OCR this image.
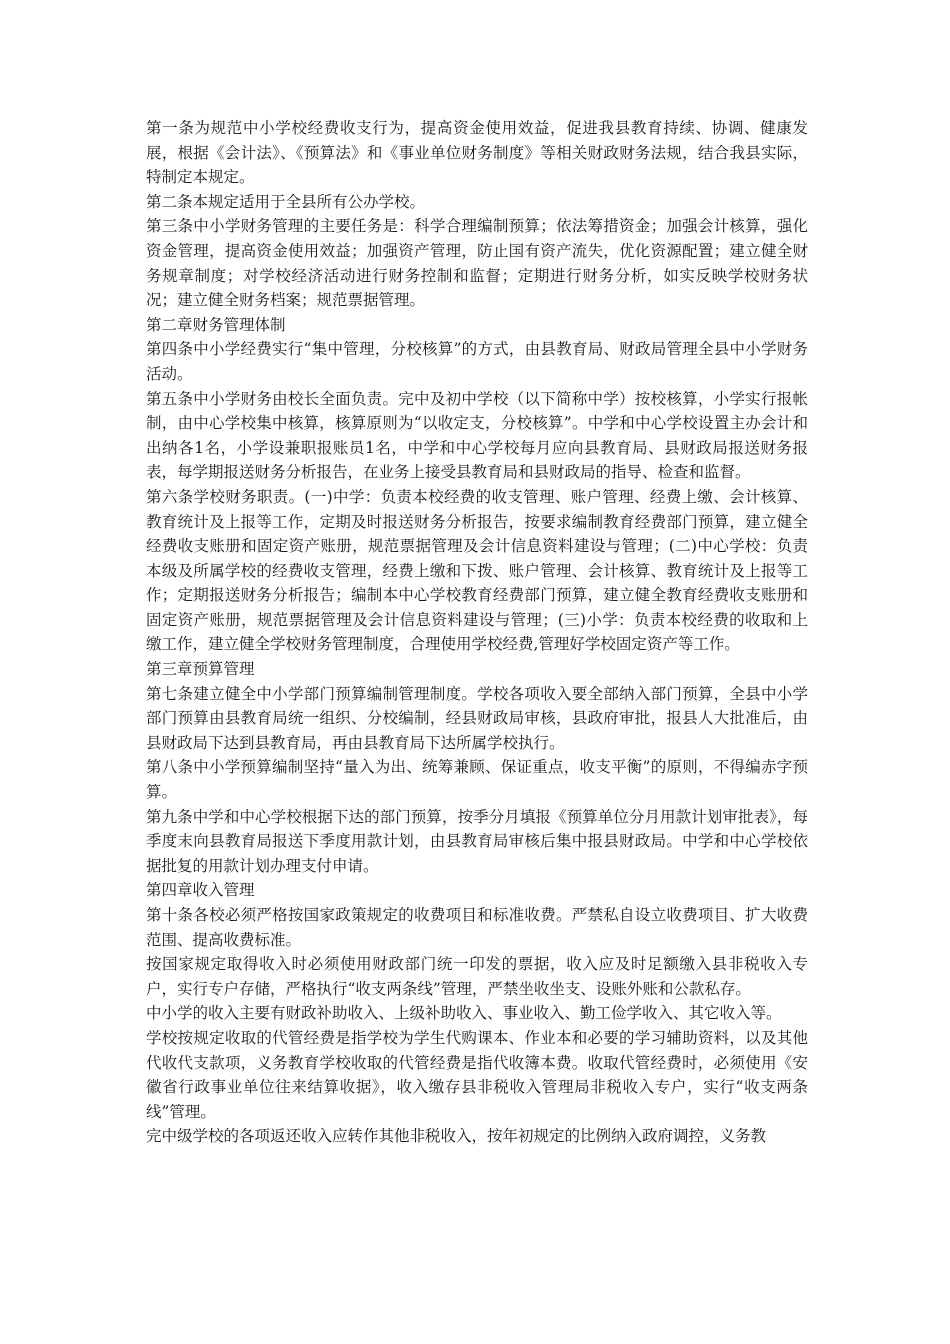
第一条为规范中小学校经费收支行为，提高资金使用效益，促进我县教育持续、协调、健康发展，根据《会计法》、《预算法》和《事业单位财务制度》等相关财政财务法规，结合我县实际，特制定本规定。

第二条本规定适用于全县所有公办学校。

第三条中小学财务管理的主要任务是：科学合理编制预算；依法筹措资金；加强会计核算，强化资金管理，提高资金使用效益；加强资产管理，防止国有资产流失，优化资源配置；建立健全财务规章制度；对学校经济活动进行财务控制和监督；定期进行财务分析，如实反映学校财务状况；建立健全财务档案；规范票据管理。

第二章财务管理体制

第四条中小学经费实行“集中管理，分校核算”的方式，由县教育局、财政局管理全县中小学财务活动。

第五条中小学财务由校长全面负责。完中及初中学校（以下简称中学）按校核算，小学实行报帐制，由中心学校集中核算，核算原则为“以收定支，分校核算”。中学和中心学校设置主办会计和出纳各1名，小学设兼职报账员1名，中学和中心学校每月应向县教育局、县财政局报送财务报表，每学期报送财务分析报告，在业务上接受县教育局和县财政局的指导、检查和监督。

第六条学校财务职责。(一)中学：负责本校经费的收支管理、账户管理、经费上缴、会计核算、教育统计及上报等工作，定期及时报送财务分析报告，按要求编制教育经费部门预算，建立健全经费收支账册和固定资产账册，规范票据管理及会计信息资料建设与管理；(二)中心学校：负责本级及所属学校的经费收支管理，经费上缴和下拨、账户管理、会计核算、教育统计及上报等工作；定期报送财务分析报告；编制本中心学校教育经费部门预算，建立健全教育经费收支账册和固定资产账册，规范票据管理及会计信息资料建设与管理；(三)小学：负责本校经费的收取和上缴工作，建立健全学校财务管理制度，合理使用学校经费,管理好学校固定资产等工作。

第三章预算管理

第七条建立健全中小学部门预算编制管理制度。学校各项收入要全部纳入部门预算，全县中小学部门预算由县教育局统一组织、分校编制，经县财政局审核，县政府审批，报县人大批准后，由县财政局下达到县教育局，再由县教育局下达所属学校执行。

第八条中小学预算编制坚持“量入为出、统筹兼顾、保证重点，收支平衡”的原则，不得编赤字预算。

第九条中学和中心学校根据下达的部门预算，按季分月填报《预算单位分月用款计划审批表》，每季度末向县教育局报送下季度用款计划，由县教育局审核后集中报县财政局。中学和中心学校依据批复的用款计划办理支付申请。

第四章收入管理

第十条各校必须严格按国家政策规定的收费项目和标准收费。严禁私自设立收费项目、扩大收费范围、提高收费标准。

按国家规定取得收入时必须使用财政部门统一印发的票据，收入应及时足额缴入县非税收入专户，实行专户存储，严格执行“收支两条线”管理，严禁坐收坐支、设账外账和公款私存。

中小学的收入主要有财政补助收入、上级补助收入、事业收入、勤工俭学收入、其它收入等。

学校按规定收取的代管经费是指学校为学生代购课本、作业本和必要的学习辅助资料，以及其他代收代支款项，义务教育学校收取的代管经费是指代收簿本费。收取代管经费时，必须使用《安徽省行政事业单位往来结算收据》，收入缴存县非税收入管理局非税收入专户，实行“收支两条线”管理。

完中级学校的各项返还收入应转作其他非税收入，按年初规定的比例纳入政府调控，义务教
